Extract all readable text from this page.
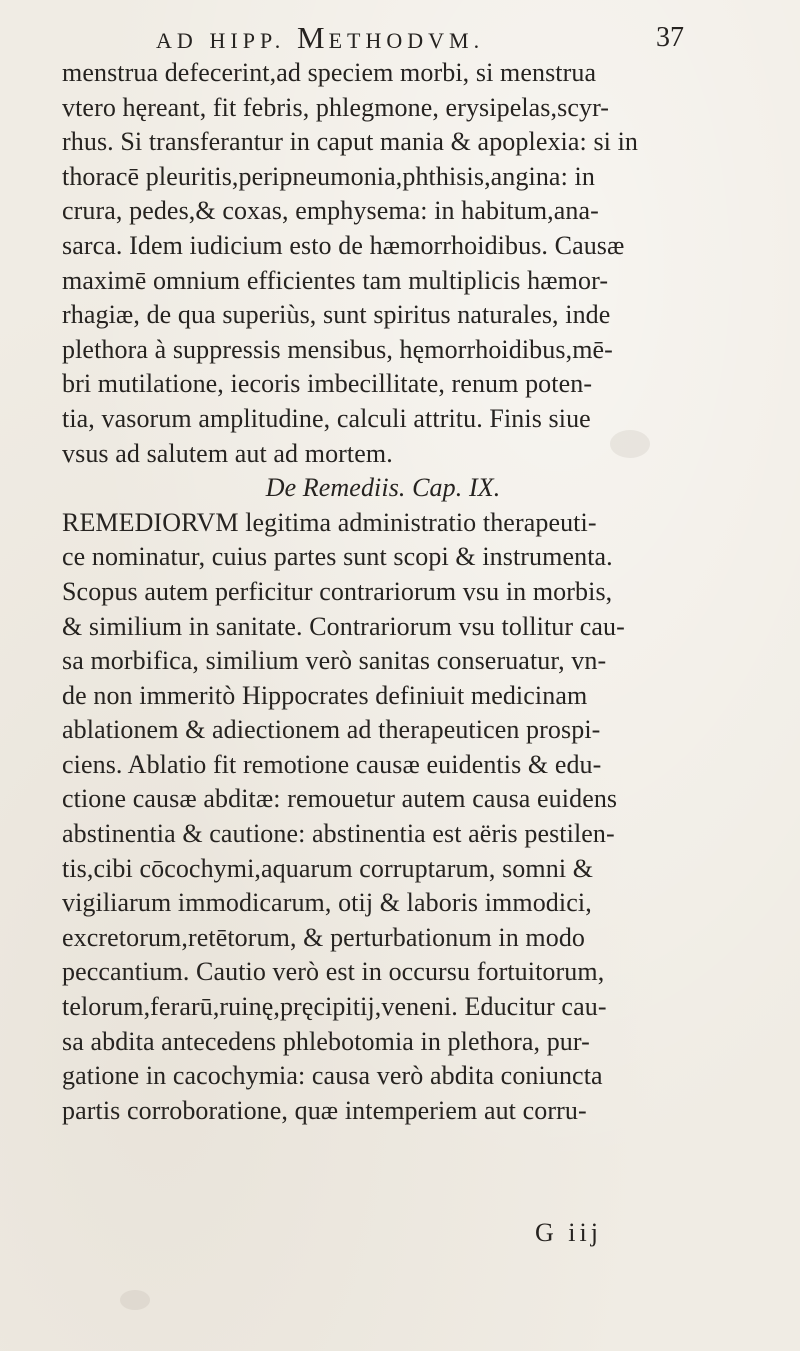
AD HIPP. METHODVM.	37
menstrua defecerint,ad speciem morbi, si menstrua
vtero hęreant, fit febris, phlegmone, erysipelas,scyr-
rhus. Si transferantur in caput mania & apoplexia: si in
thoracē pleuritis,peripneumonia,phthisis,angina: in
crura, pedes,& coxas, emphysema: in habitum,ana-
sarca. Idem iudicium esto de hæmorrhoidibus. Causæ
maximē omnium efficientes tam multiplicis hæmor-
rhagiæ, de qua superiùs, sunt spiritus naturales, inde
plethora à suppressis mensibus, hęmorrhoidibus,mē-
bri mutilatione, iecoris imbecillitate, renum poten-
tia, vasorum amplitudine, calculi attritu. Finis siue
vsus ad salutem aut ad mortem.
De Remediis. Cap. IX.
REMEDIORVM legitima administratio therapeuti-
ce nominatur, cuius partes sunt scopi & instrumenta.
Scopus autem perficitur contrariorum vsu in morbis,
& similium in sanitate. Contrariorum vsu tollitur cau-
sa morbifica, similium verò sanitas conseruatur, vn-
de non immeritò Hippocrates definiuit medicinam
ablationem & adiectionem ad therapeuticen prospi-
ciens. Ablatio fit remotione causæ euidentis & edu-
ctione causæ abditæ: remouetur autem causa euidens
abstinentia & cautione: abstinentia est aëris pestilen-
tis,cibi cōcochymi,aquarum corruptarum, somni &
vigiliarum immodicarum, otij & laboris immodici,
excretorum,retētorum, & perturbationum in modo
peccantium. Cautio verò est in occursu fortuitorum,
telorum,ferarū,ruinę,pręcipitij,veneni. Educitur cau-
sa abdita antecedens phlebotomia in plethora, pur-
gatione in cacochymia: causa verò abdita coniuncta
partis corroboratione, quæ intemperiem aut corru-
G iij
